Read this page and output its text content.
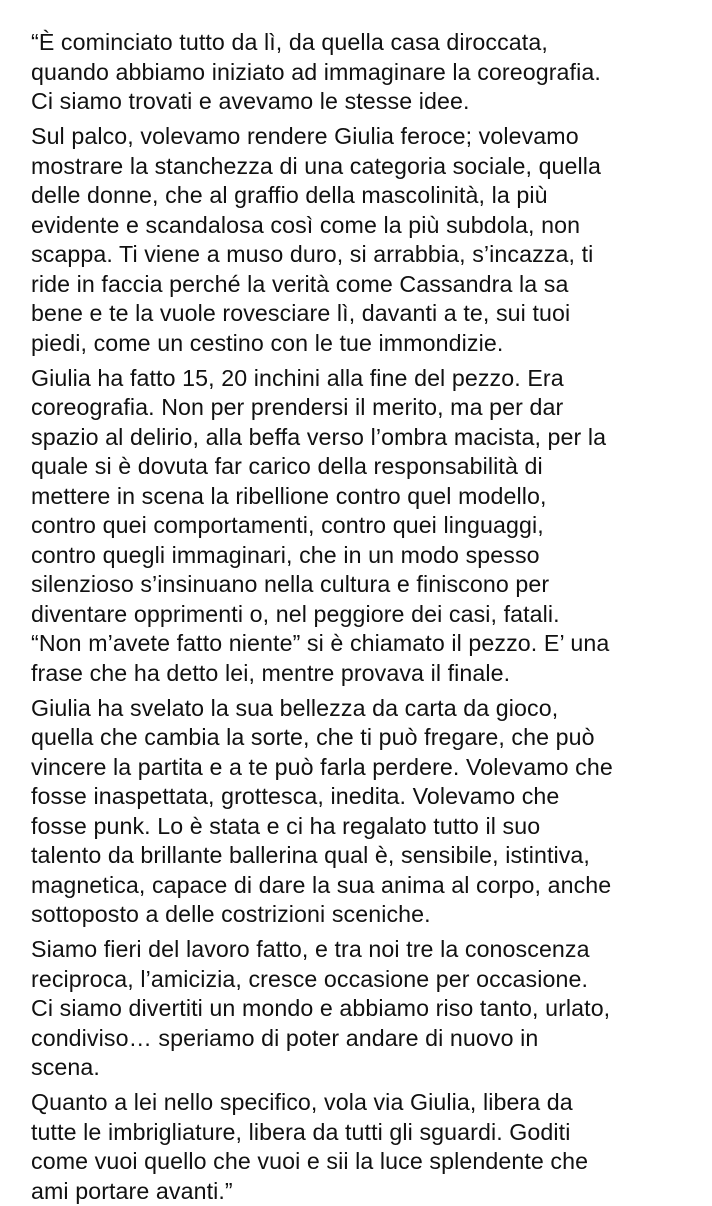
“È cominciato tutto da lì, da quella casa diroccata,
quando abbiamo iniziato ad immaginare la coreografia.
Ci siamo trovati e avevamo le stesse idee.
Sul palco, volevamo rendere Giulia feroce; volevamo
mostrare la stanchezza di una categoria sociale, quella
delle donne, che al graffio della mascolinità, la più
evidente e scandalosa così come la più subdola, non
scappa. Ti viene a muso duro, si arrabbia, s’incazza, ti
ride in faccia perché la verità come Cassandra la sa
bene e te la vuole rovesciare lì, davanti a te, sui tuoi
piedi, come un cestino con le tue immondizie.
Giulia ha fatto 15, 20 inchini alla fine del pezzo. Era
coreografia. Non per prendersi il merito, ma per dar
spazio al delirio, alla beffa verso l’ombra macista, per la
quale si è dovuta far carico della responsabilità di
mettere in scena la ribellione contro quel modello,
contro quei comportamenti, contro quei linguaggi,
contro quegli immaginari, che in un modo spesso
silenzioso s’insinuano nella cultura e finiscono per
diventare opprimenti o, nel peggiore dei casi, fatali.
“Non m’avete fatto niente” si è chiamato il pezzo. E’ una
frase che ha detto lei, mentre provava il finale.
Giulia ha svelato la sua bellezza da carta da gioco,
quella che cambia la sorte, che ti può fregare, che può
vincere la partita e a te può farla perdere. Volevamo che
fosse inaspettata, grottesca, inedita. Volevamo che
fosse punk. Lo è stata e ci ha regalato tutto il suo
talento da brillante ballerina qual è, sensibile, istintiva,
magnetica, capace di dare la sua anima al corpo, anche
sottoposto a delle costrizioni sceniche.
Siamo fieri del lavoro fatto, e tra noi tre la conoscenza
reciproca, l’amicizia, cresce occasione per occasione.
Ci siamo divertiti un mondo e abbiamo riso tanto, urlato,
condiviso… speriamo di poter andare di nuovo in
scena.
Quanto a lei nello specifico, vola via Giulia, libera da
tutte le imbrigliature, libera da tutti gli sguardi. Goditi
come vuoi quello che vuoi e sii la luce splendente che
ami portare avanti.”
